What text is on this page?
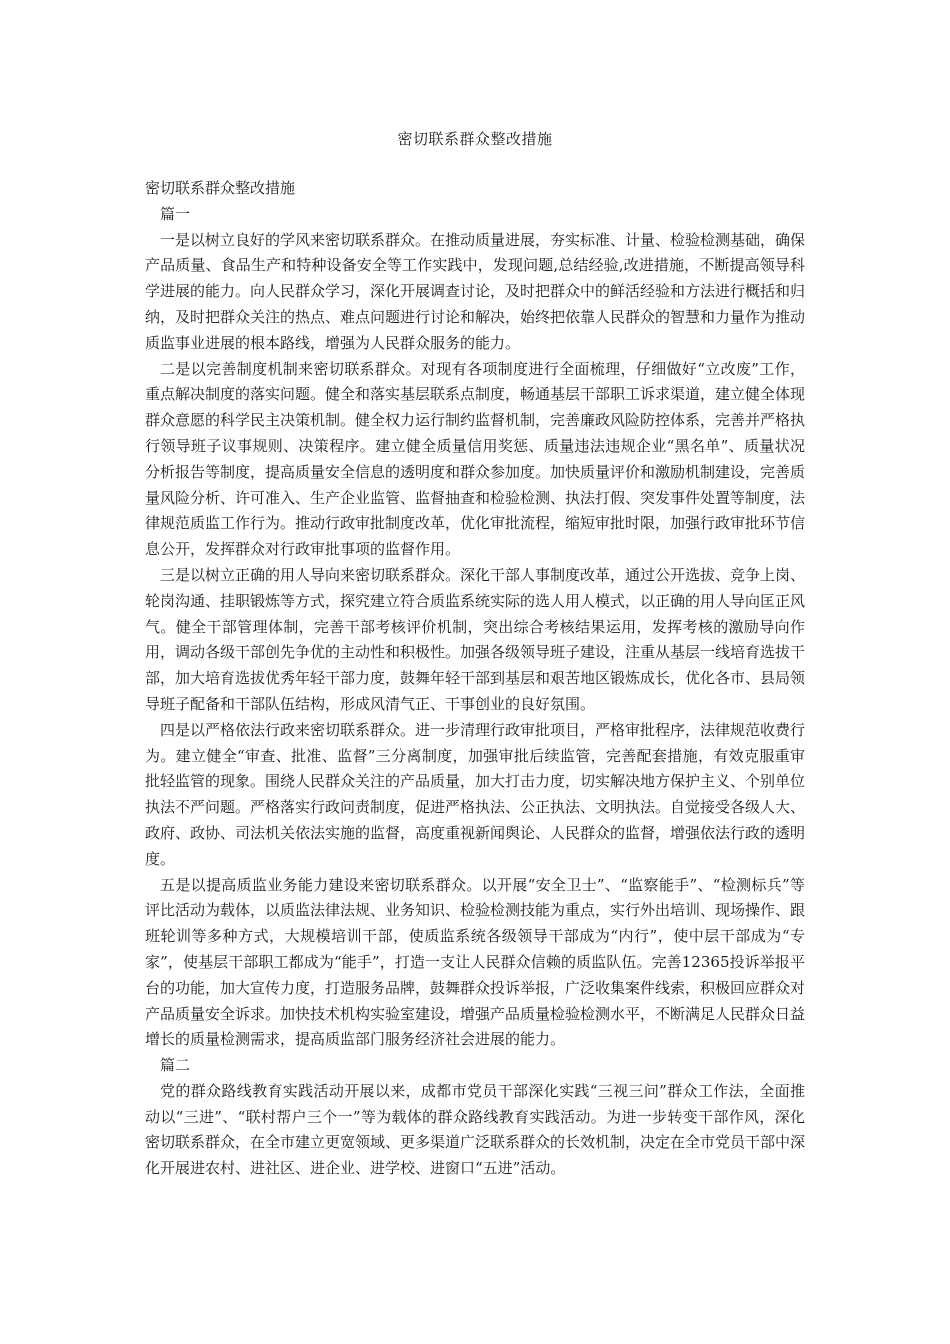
密切联系群众整改措施

密切联系群众整改措施

篇一

一是以树立良好的学风来密切联系群众。在推动质量进展，夯实标准、计量、检验检测基础，确保产品质量、食品生产和特种设备安全等工作实践中，发现问题,总结经验,改进措施，不断提高领导科学进展的能力。向人民群众学习，深化开展调查讨论，及时把群众中的鲜活经验和方法进行概括和归纳，及时把群众关注的热点、难点问题进行讨论和解决，始终把依靠人民群众的智慧和力量作为推动质监事业进展的根本路线，增强为人民群众服务的能力。

二是以完善制度机制来密切联系群众。对现有各项制度进行全面梳理，仔细做好“立改废”工作，重点解决制度的落实问题。健全和落实基层联系点制度，畅通基层干部职工诉求渠道，建立健全体现群众意愿的科学民主决策机制。健全权力运行制约监督机制，完善廉政风险防控体系，完善并严格执行领导班子议事规则、决策程序。建立健全质量信用奖惩、质量违法违规企业“黑名单”、质量状况分析报告等制度，提高质量安全信息的透明度和群众参加度。加快质量评价和激励机制建设，完善质量风险分析、许可准入、生产企业监管、监督抽查和检验检测、执法打假、突发事件处置等制度，法律规范质监工作行为。推动行政审批制度改革，优化审批流程，缩短审批时限，加强行政审批环节信息公开，发挥群众对行政审批事项的监督作用。

三是以树立正确的用人导向来密切联系群众。深化干部人事制度改革，通过公开选拔、竞争上岗、轮岗沟通、挂职锻炼等方式，探究建立符合质监系统实际的选人用人模式，以正确的用人导向匡正风气。健全干部管理体制，完善干部考核评价机制，突出综合考核结果运用，发挥考核的激励导向作用，调动各级干部创先争优的主动性和积极性。加强各级领导班子建设，注重从基层一线培育选拔干部，加大培育选拔优秀年轻干部力度，鼓舞年轻干部到基层和艰苦地区锻炼成长，优化各市、县局领导班子配备和干部队伍结构，形成风清气正、干事创业的良好氛围。

四是以严格依法行政来密切联系群众。进一步清理行政审批项目，严格审批程序，法律规范收费行为。建立健全“审查、批准、监督”三分离制度，加强审批后续监管，完善配套措施，有效克服重审批轻监管的现象。围绕人民群众关注的产品质量，加大打击力度，切实解决地方保护主义、个别单位执法不严问题。严格落实行政问责制度，促进严格执法、公正执法、文明执法。自觉接受各级人大、政府、政协、司法机关依法实施的监督，高度重视新闻舆论、人民群众的监督，增强依法行政的透明度。

五是以提高质监业务能力建设来密切联系群众。以开展“安全卫士”、“监察能手”、“检测标兵”等评比活动为载体，以质监法律法规、业务知识、检验检测技能为重点，实行外出培训、现场操作、跟班轮训等多种方式，大规模培训干部，使质监系统各级领导干部成为“内行”，使中层干部成为“专家”，使基层干部职工都成为“能手”，打造一支让人民群众信赖的质监队伍。完善12365投诉举报平台的功能，加大宣传力度，打造服务品牌，鼓舞群众投诉举报，广泛收集案件线索，积极回应群众对产品质量安全诉求。加快技术机构实验室建设，增强产品质量检验检测水平，不断满足人民群众日益增长的质量检测需求，提高质监部门服务经济社会进展的能力。

篇二

党的群众路线教育实践活动开展以来，成都市党员干部深化实践“三视三问”群众工作法，全面推动以“三进”、“联村帮户三个一”等为载体的群众路线教育实践活动。为进一步转变干部作风，深化密切联系群众，在全市建立更宽领域、更多渠道广泛联系群众的长效机制，决定在全市党员干部中深化开展进农村、进社区、进企业、进学校、进窗口“五进”活动。
